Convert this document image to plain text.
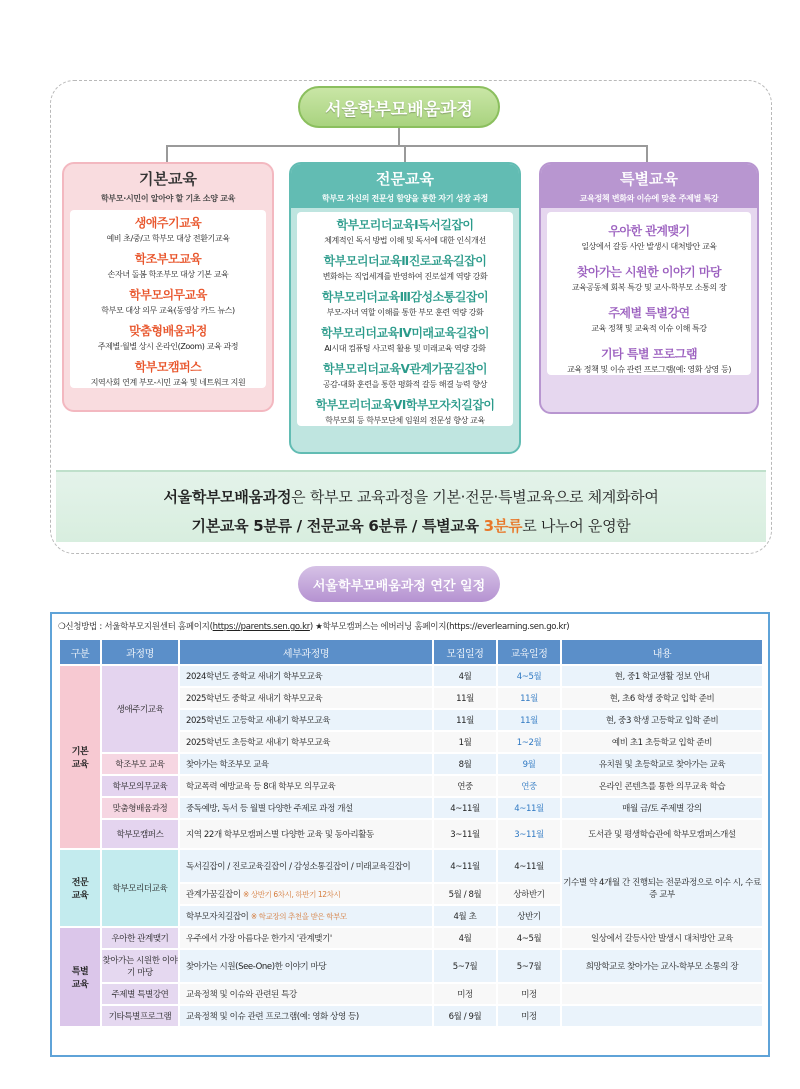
서울학부모배움과정
기본교육
학부모·시민이 알아야 할 기초 소양 교육
생애주기교육
예비 초/중/고 학부모 대상 전환기교육
학조부모교육
손자녀 돌봄 학조부모 대상 기본 교육
학부모의무교육
학부모 대상 의무 교육(동영상 카드 뉴스)
맞춤형배움과정
주제별·월별 상시 온라인(Zoom) 교육 과정
학부모캠퍼스
지역사회 연계 부모-시민 교육 및 네트워크 지원
전문교육
학부모 자신의 전문성 함양을 통한 자기 성장 과정
학부모리더교육Ⅰ독서길잡이
체계적인 독서 방법 이해 및 독서에 대한 인식개선
학부모리더교육Ⅱ진로교육길잡이
변화하는 직업세계를 반영하여 진로설계 역량 강화
학부모리더교육Ⅲ감성소통길잡이
부모-자녀 역할 이해를 통한 부모 훈련 역량 강화
학부모리더교육Ⅳ미래교육길잡이
AI시대 컴퓨팅 사고력 활용 및 미래교육 역량 강화
학부모리더교육Ⅴ관계가꿈길잡이
공감-대화 훈련을 통한 평화적 갈등 해결 능력 향상
학부모리더교육Ⅵ학부모자치길잡이
학부모회 등 학부모단체 임원의 전문성 향상 교육
특별교육
교육정책 변화와 이슈에 맞춘 주제별 특강
우아한 관계맺기
일상에서 갈등 사안 발생시 대처방안 교육
찾아가는 시원한 이야기 마당
교육공동체 회복 특강 및 교사-학부모 소통의 장
주제별 특별강연
교육 정책 및 교육적 이슈 이해 특강
기타 특별 프로그램
교육 정책 및 이슈 관련 프로그램(예: 영화 상영 등)
서울학부모배움과정은 학부모 교육과정을 기본·전문·특별교육으로 체계화하여
기본교육 5분류 / 전문교육 6분류 / 특별교육 3분류로 나누어 운영함
서울학부모배움과정 연간 일정
❍신청방법 : 서울학부모지원센터 홈페이지(https://parents.sen.go.kr) ★학부모캠퍼스는 에버러닝 홈페이지(https://everlearning.sen.go.kr)
구분	과정명	세부과정명	모집일정	교육일정	내용
기본
교육	생애주기교육	2024학년도 중학교 새내기 학부모교육	4월	4~5월	현, 중1 학교생활 정보 안내
		2025학년도 중학교 새내기 학부모교육	11월	11월	현, 초6 학생 중학교 입학 준비
		2025학년도 고등학교 새내기 학부모교육	11월	11월	현, 중3 학생 고등학교 입학 준비
		2025학년도 초등학교 새내기 학부모교육	1월	1~2월	예비 초1 초등학교 입학 준비
	학조부모 교육	찾아가는 학조부모 교육	8월	9월	유치원 및 초등학교로 찾아가는 교육
	학부모의무교육	학교폭력 예방교육 등 8대 학부모 의무교육	연중	연중	온라인 콘텐츠를 통한 의무교육 학습
	맞춤형배움과정	중독예방, 독서 등 월별 다양한 주제로 과정 개설	4~11월	4~11월	매월 금/토 주제별 강의
	학부모캠퍼스	지역 22개 학부모캠퍼스별 다양한 교육 및 동아리활동	3~11월	3~11월	도서관 및 평생학습관에 학부모캠퍼스개설
전문
교육	학부모리더교육	독서길잡이 / 진로교육길잡이 / 감성소통길잡이 / 미래교육길잡이	4~11월	4~11월	기수별 약 4개월 간 진행되는 전문과정으로 이수 시, 수료증 교부
		관계가꿈길잡이 ※ 상반기 6차시, 하반기 12차시	5월 / 8월	상하반기	
		학부모자치길잡이 ※ 학교장의 추천을 받은 학부모	4월 초	상반기	
특별
교육	우아한 관계맺기	우주에서 가장 아름다운 한가지 '관계맺기'	4월	4~5월	일상에서 갈등사안 발생시 대처방안 교육
	찾아가는 시원한 이야기 마당	찾아가는 시원(See-One)한 이야기 마당	5~7월	5~7월	희망학교로 찾아가는 교사-학부모 소통의 장
	주제별 특별강연	교육정책 및 이슈와 관련된 특강	미정	미정	
	기타특별프로그램	교육정책 및 이슈 관련 프로그램(예: 영화 상영 등)	6월 / 9월	미정	
